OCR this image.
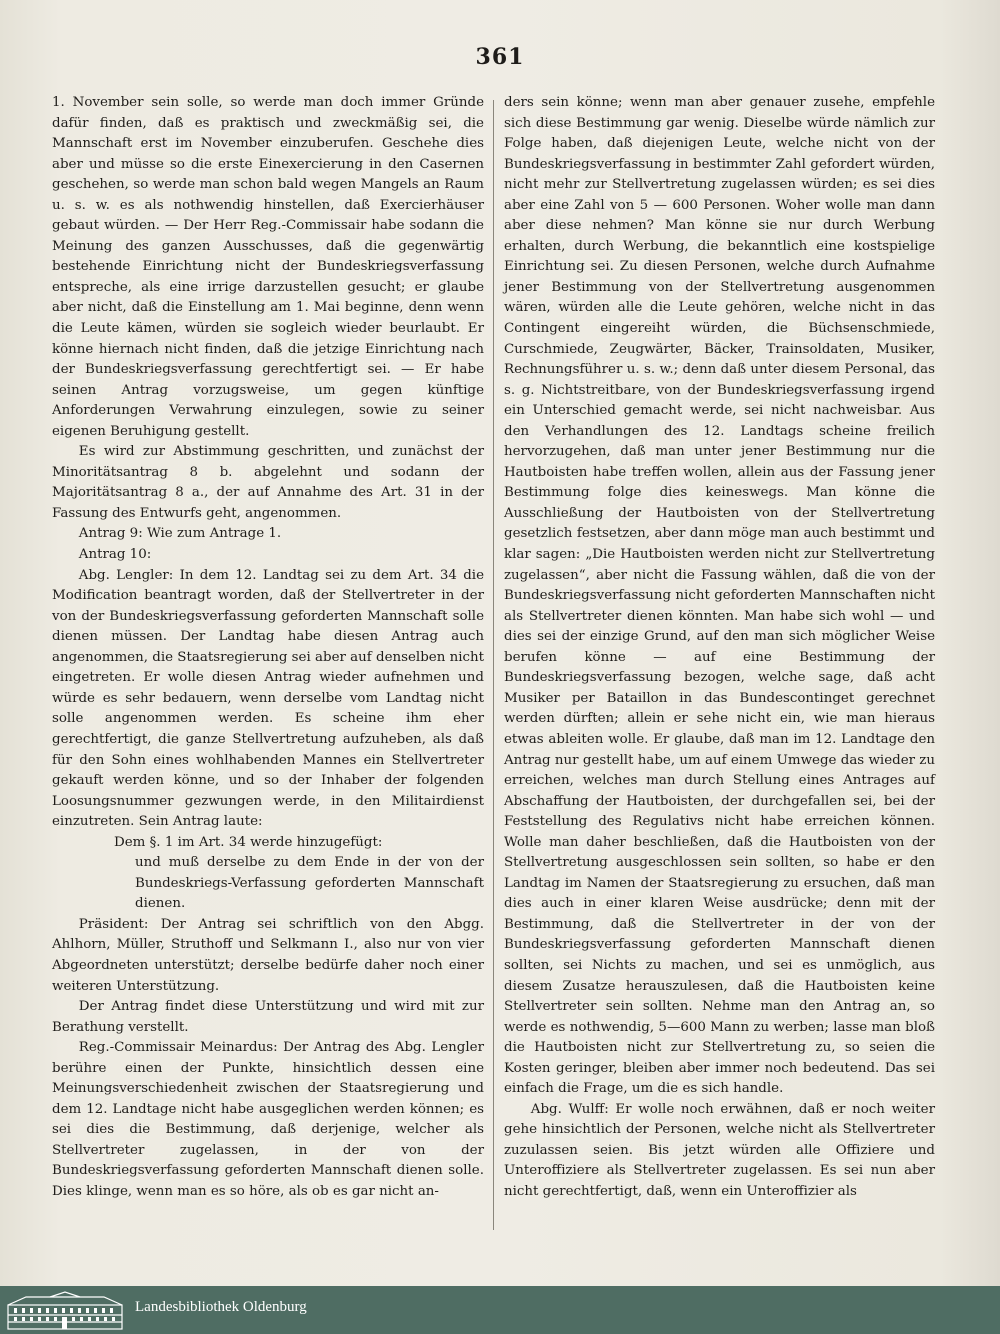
361

1. November sein solle, so werde man doch immer Gründe dafür finden, daß es praktisch und zweckmäßig sei, die Mannschaft erst im November einzuberufen. Geschehe dies aber und müsse so die erste Einexercierung in den Casernen geschehen, so werde man schon bald wegen Mangels an Raum u. s. w. es als nothwendig hinstellen, daß Exercierhäuser gebaut würden. — Der Herr Reg.-Commissair habe sodann die Meinung des ganzen Ausschusses, daß die gegenwärtig bestehende Einrichtung nicht der Bundeskriegsverfassung entspreche, als eine irrige darzustellen gesucht; er glaube aber nicht, daß die Einstellung am 1. Mai beginne, denn wenn die Leute kämen, würden sie sogleich wieder beurlaubt. Er könne hiernach nicht finden, daß die jetzige Einrichtung nach der Bundeskriegsverfassung gerechtfertigt sei. — Er habe seinen Antrag vorzugsweise, um gegen künftige Anforderungen Verwahrung einzulegen, sowie zu seiner eigenen Beruhigung gestellt.

Es wird zur Abstimmung geschritten, und zunächst der Minoritätsantrag 8 b. abgelehnt und sodann der Majoritätsantrag 8 a., der auf Annahme des Art. 31 in der Fassung des Entwurfs geht, angenommen.

Antrag 9: Wie zum Antrage 1.

Antrag 10:

Abg. Lengler: In dem 12. Landtag sei zu dem Art. 34 die Modification beantragt worden, daß der Stellvertreter in der von der Bundeskriegsverfassung geforderten Mannschaft solle dienen müssen. Der Landtag habe diesen Antrag auch angenommen, die Staatsregierung sei aber auf denselben nicht eingetreten. Er wolle diesen Antrag wieder aufnehmen und würde es sehr bedauern, wenn derselbe vom Landtag nicht solle angenommen werden. Es scheine ihm eher gerechtfertigt, die ganze Stellvertretung aufzuheben, als daß für den Sohn eines wohlhabenden Mannes ein Stellvertreter gekauft werden könne, und so der Inhaber der folgenden Loosungsnummer gezwungen werde, in den Militairdienst einzutreten. Sein Antrag laute:

Dem §. 1 im Art. 34 werde hinzugefügt:

und muß derselbe zu dem Ende in der von der Bundeskriegs-Verfassung geforderten Mannschaft dienen.

Präsident: Der Antrag sei schriftlich von den Abgg. Ahlhorn, Müller, Struthoff und Selkmann I., also nur von vier Abgeordneten unterstützt; derselbe bedürfe daher noch einer weiteren Unterstützung.

Der Antrag findet diese Unterstützung und wird mit zur Berathung verstellt.

Reg.-Commissair Meinardus: Der Antrag des Abg. Lengler berühre einen der Punkte, hinsichtlich dessen eine Meinungsverschiedenheit zwischen der Staatsregierung und dem 12. Landtage nicht habe ausgeglichen werden können; es sei dies die Bestimmung, daß derjenige, welcher als Stellvertreter zugelassen, in der von der Bundeskriegsverfassung geforderten Mannschaft dienen solle. Dies klinge, wenn man es so höre, als ob es gar nicht an-

ders sein könne; wenn man aber genauer zusehe, empfehle sich diese Bestimmung gar wenig. Dieselbe würde nämlich zur Folge haben, daß diejenigen Leute, welche nicht von der Bundeskriegsverfassung in bestimmter Zahl gefordert würden, nicht mehr zur Stellvertretung zugelassen würden; es sei dies aber eine Zahl von 5 — 600 Personen. Woher wolle man dann aber diese nehmen? Man könne sie nur durch Werbung erhalten, durch Werbung, die bekanntlich eine kostspielige Einrichtung sei. Zu diesen Personen, welche durch Aufnahme jener Bestimmung von der Stellvertretung ausgenommen wären, würden alle die Leute gehören, welche nicht in das Contingent eingereiht würden, die Büchsenschmiede, Curschmiede, Zeugwärter, Bäcker, Trainsoldaten, Musiker, Rechnungsführer u. s. w.; denn daß unter diesem Personal, das s. g. Nichtstreitbare, von der Bundeskriegsverfassung irgend ein Unterschied gemacht werde, sei nicht nachweisbar. Aus den Verhandlungen des 12. Landtags scheine freilich hervorzugehen, daß man unter jener Bestimmung nur die Hautboisten habe treffen wollen, allein aus der Fassung jener Bestimmung folge dies keineswegs. Man könne die Ausschließung der Hautboisten von der Stellvertretung gesetzlich festsetzen, aber dann möge man auch bestimmt und klar sagen: „Die Hautboisten werden nicht zur Stellvertretung zugelassen“, aber nicht die Fassung wählen, daß die von der Bundeskriegsverfassung nicht geforderten Mannschaften nicht als Stellvertreter dienen könnten. Man habe sich wohl — und dies sei der einzige Grund, auf den man sich möglicher Weise berufen könne — auf eine Bestimmung der Bundeskriegsverfassung bezogen, welche sage, daß acht Musiker per Bataillon in das Bundescontinget gerechnet werden dürften; allein er sehe nicht ein, wie man hieraus etwas ableiten wolle. Er glaube, daß man im 12. Landtage den Antrag nur gestellt habe, um auf einem Umwege das wieder zu erreichen, welches man durch Stellung eines Antrages auf Abschaffung der Hautboisten, der durchgefallen sei, bei der Feststellung des Regulativs nicht habe erreichen können. Wolle man daher beschließen, daß die Hautboisten von der Stellvertretung ausgeschlossen sein sollten, so habe er den Landtag im Namen der Staatsregierung zu ersuchen, daß man dies auch in einer klaren Weise ausdrücke; denn mit der Bestimmung, daß die Stellvertreter in der von der Bundeskriegsverfassung geforderten Mannschaft dienen sollten, sei Nichts zu machen, und sei es unmöglich, aus diesem Zusatze herauszulesen, daß die Hautboisten keine Stellvertreter sein sollten. Nehme man den Antrag an, so werde es nothwendig, 5—600 Mann zu werben; lasse man bloß die Hautboisten nicht zur Stellvertretung zu, so seien die Kosten geringer, bleiben aber immer noch bedeutend. Das sei einfach die Frage, um die es sich handle.

Abg. Wulff: Er wolle noch erwähnen, daß er noch weiter gehe hinsichtlich der Personen, welche nicht als Stellvertreter zuzulassen seien. Bis jetzt würden alle Offiziere und Unteroffiziere als Stellvertreter zugelassen. Es sei nun aber nicht gerechtfertigt, daß, wenn ein Unteroffizier als

Landesbibliothek Oldenburg
